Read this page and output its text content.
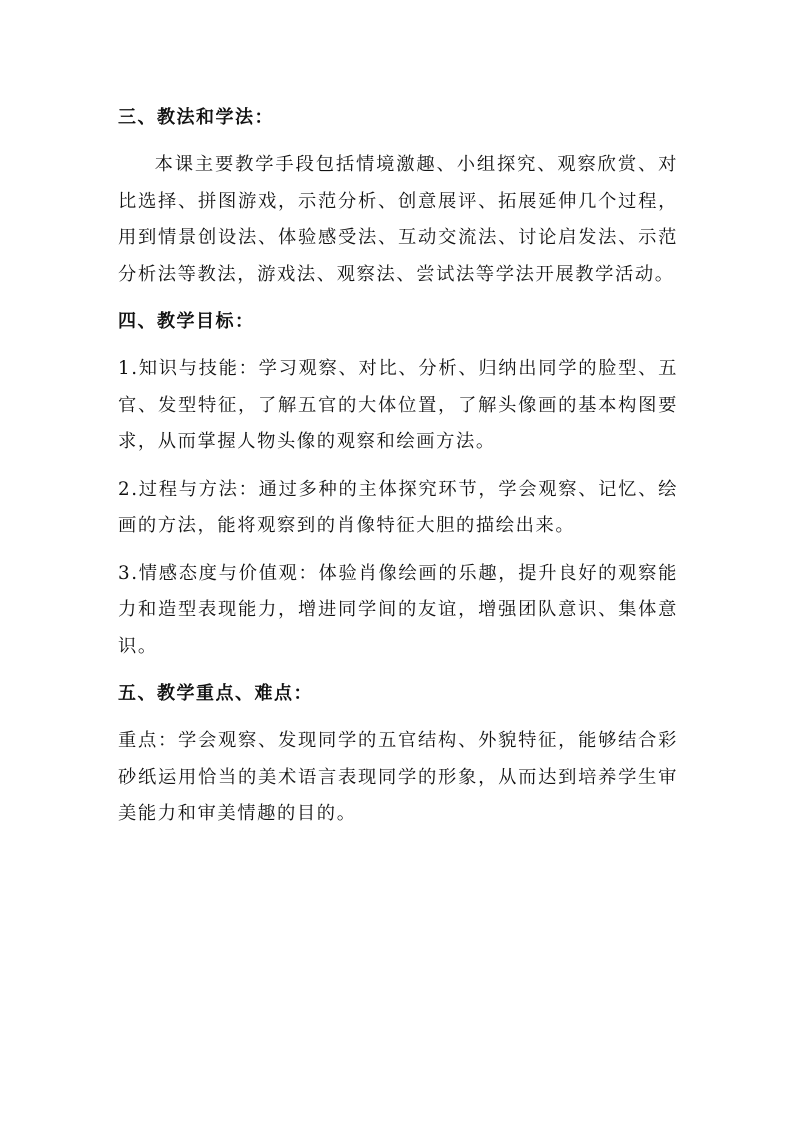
三、教法和学法：
本课主要教学手段包括情境激趣、小组探究、观察欣赏、对比选择、拼图游戏，示范分析、创意展评、拓展延伸几个过程，用到情景创设法、体验感受法、互动交流法、讨论启发法、示范分析法等教法，游戏法、观察法、尝试法等学法开展教学活动。
四、教学目标：
1.知识与技能：学习观察、对比、分析、归纳出同学的脸型、五官、发型特征，了解五官的大体位置，了解头像画的基本构图要求，从而掌握人物头像的观察和绘画方法。
2.过程与方法：通过多种的主体探究环节，学会观察、记忆、绘画的方法，能将观察到的肖像特征大胆的描绘出来。
3.情感态度与价值观：体验肖像绘画的乐趣，提升良好的观察能力和造型表现能力，增进同学间的友谊，增强团队意识、集体意识。
五、教学重点、难点：
重点：学会观察、发现同学的五官结构、外貌特征，能够结合彩砂纸运用恰当的美术语言表现同学的形象，从而达到培养学生审美能力和审美情趣的目的。
